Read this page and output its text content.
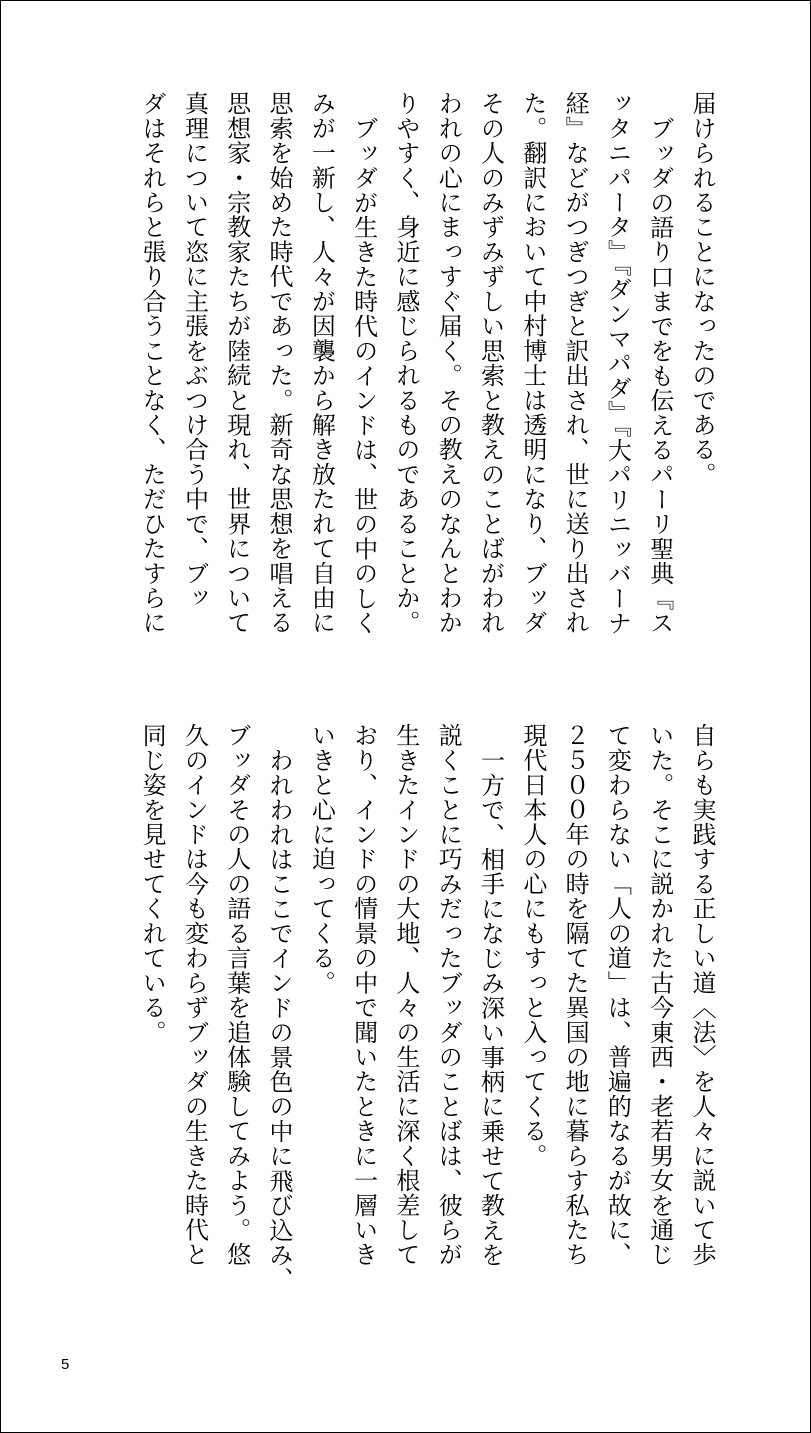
届けられることになったのである。
ブッダの語り口までをも伝えるパーリ聖典『ス
ッタニパータ』『ダンマパダ』『大パリニッバーナ
経』などがつぎつぎと訳出され、世に送り出され
た。翻訳において中村博士は透明になり、ブッダ
その人のみずみずしい思索と教えのことばがわれ
われの心にまっすぐ届く。その教えのなんとわか
りやすく、身近に感じられるものであることか。
ブッダが生きた時代のインドは、世の中のしく
みが一新し、人々が因襲から解き放たれて自由に
思索を始めた時代であった。新奇な思想を唱える
思想家・宗教家たちが陸続と現れ、世界について
真理について恣に主張をぶつけ合う中で、ブッ
ダはそれらと張り合うことなく、ただひたすらに
自らも実践する正しい道〈法〉を人々に説いて歩
いた。そこに説かれた古今東西・老若男女を通じ
て変わらない「人の道」は、普遍的なるが故に、
２５００年の時を隔てた異国の地に暮らす私たち
現代日本人の心にもすっと入ってくる。
一方で、相手になじみ深い事柄に乗せて教えを
説くことに巧みだったブッダのことばは、彼らが
生きたインドの大地、人々の生活に深く根差して
おり、インドの情景の中で聞いたときに一層いき
いきと心に迫ってくる。
われわれはここでインドの景色の中に飛び込み、
ブッダその人の語る言葉を追体験してみよう。悠
久のインドは今も変わらずブッダの生きた時代と
同じ姿を見せてくれている。
5
